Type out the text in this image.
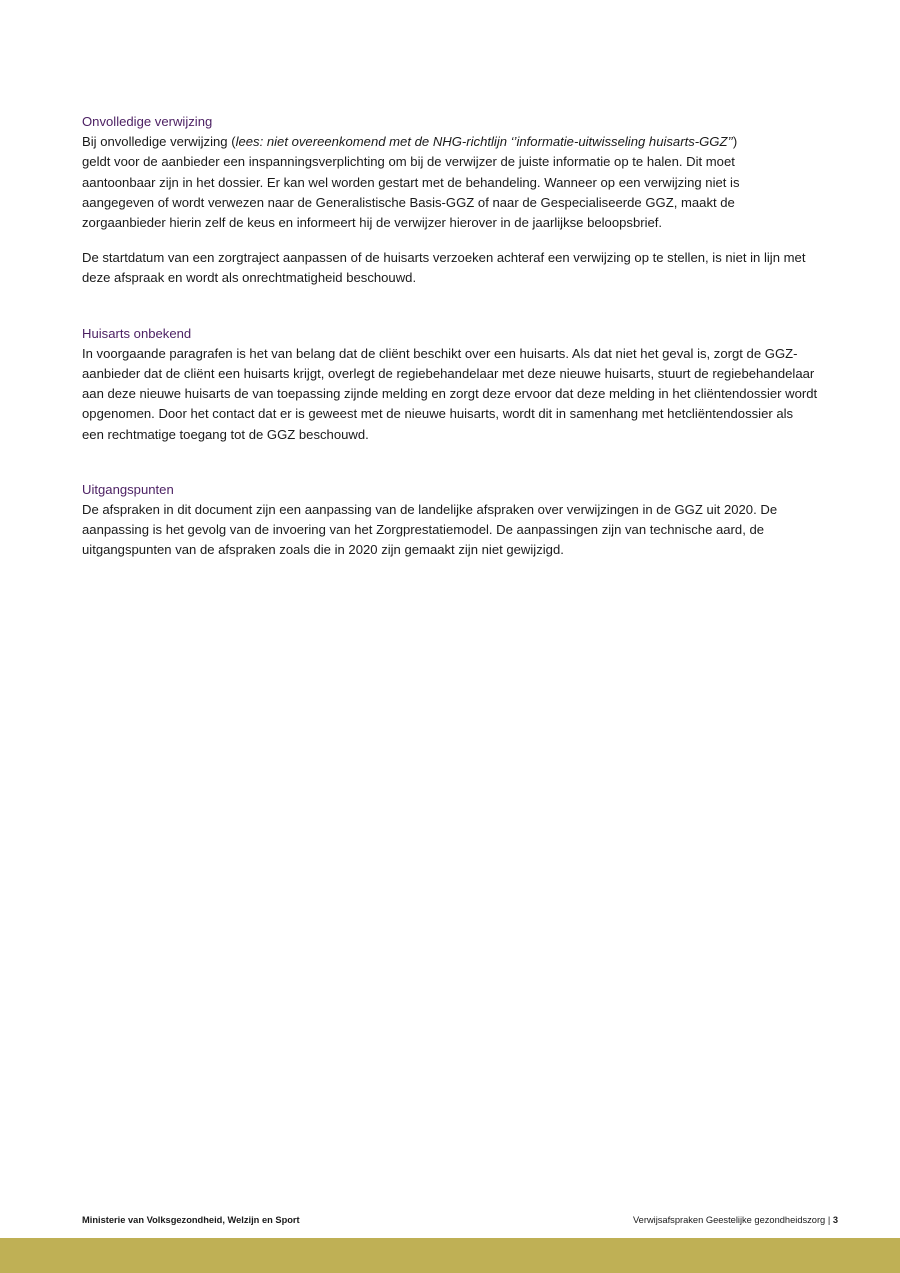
Onvolledige verwijzing

Bij onvolledige verwijzing (lees: niet overeenkomend met de NHG-richtlijn ‘’informatie-uitwisseling huisarts-GGZ’’)
geldt voor de aanbieder een inspanningsverplichting om bij de verwijzer de juiste informatie op te halen. Dit moet
aantoonbaar zijn in het dossier. Er kan wel worden gestart met de behandeling. Wanneer op een verwijzing niet is
aangegeven of wordt verwezen naar de Generalistische Basis-GGZ of naar de Gespecialiseerde GGZ, maakt de
zorgaanbieder hierin zelf de keus en informeert hij de verwijzer hierover in de jaarlijkse beloopsbrief.

De startdatum van een zorgtraject aanpassen of de huisarts verzoeken achteraf een verwijzing op te stellen, is niet in lijn met
deze afspraak en wordt als onrechtmatigheid beschouwd.

Huisarts onbekend

In voorgaande paragrafen is het van belang dat de cliënt beschikt over een huisarts. Als dat niet het geval is, zorgt de GGZ-
aanbieder dat de cliënt een huisarts krijgt, overlegt de regiebehandelaar met deze nieuwe huisarts, stuurt de regiebehandelaar
aan deze nieuwe huisarts de van toepassing zijnde melding en zorgt deze ervoor dat deze melding in het cliëntendossier wordt
opgenomen. Door het contact dat er is geweest met de nieuwe huisarts, wordt dit in samenhang met hetcliëntendossier als
een rechtmatige toegang tot de GGZ beschouwd.

Uitgangspunten

De afspraken in dit document zijn een aanpassing van de landelijke afspraken over verwijzingen in de GGZ uit 2020. De
aanpassing is het gevolg van de invoering van het Zorgprestatiemodel. De aanpassingen zijn van technische aard, de
uitgangspunten van de afspraken zoals die in 2020 zijn gemaakt zijn niet gewijzigd.

Ministerie van Volksgezondheid, Welzijn en Sport	Verwijsafspraken Geestelijke gezondheidszorg | 3
